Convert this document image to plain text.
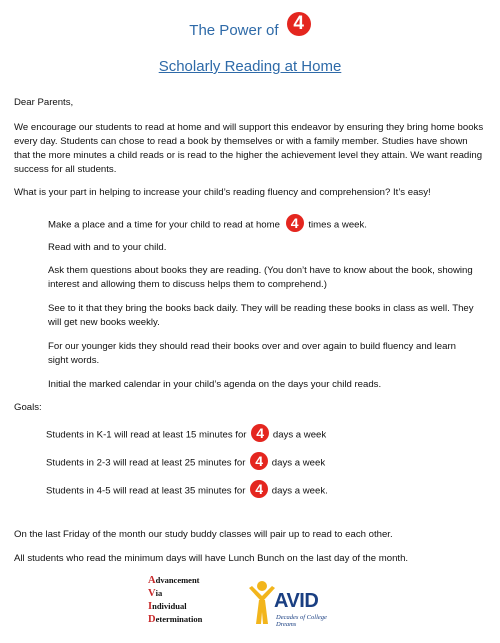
The Power of 4
Scholarly Reading at Home
Dear Parents,
We encourage our students to read at home and will support this endeavor by ensuring they bring home books every day. Students can chose to read a book by themselves or with a family member. Studies have shown that the more minutes a child reads or is read to the higher the achievement level they attain. We want reading success for all students.
What is your part in helping to increase your child’s reading fluency and comprehension? It’s easy!
Make a place and a time for your child to read at home 4 times a week.
Read with and to your child.
Ask them questions about books they are reading. (You don’t have to know about the book, showing interest and allowing them to discuss helps them to comprehend.)
See to it that they bring the books back daily. They will be reading these books in class as well. They will get new books weekly.
For our younger kids they should read their books over and over again to build fluency and learn sight words.
Initial the marked calendar in your child’s agenda on the days your child reads.
Goals:
Students in K-1 will read at least 15 minutes for 4 days a week
Students in 2-3 will read at least 25 minutes for 4 days a week
Students in 4-5 will read at least 35 minutes for 4 days a week.
On the last Friday of the month our study buddy classes will pair up to read to each other.
All students who read the minimum days will have Lunch Bunch on the last day of the month.
Advancement
Via
Individual
Determination
AVID
Decades of College Dreams
